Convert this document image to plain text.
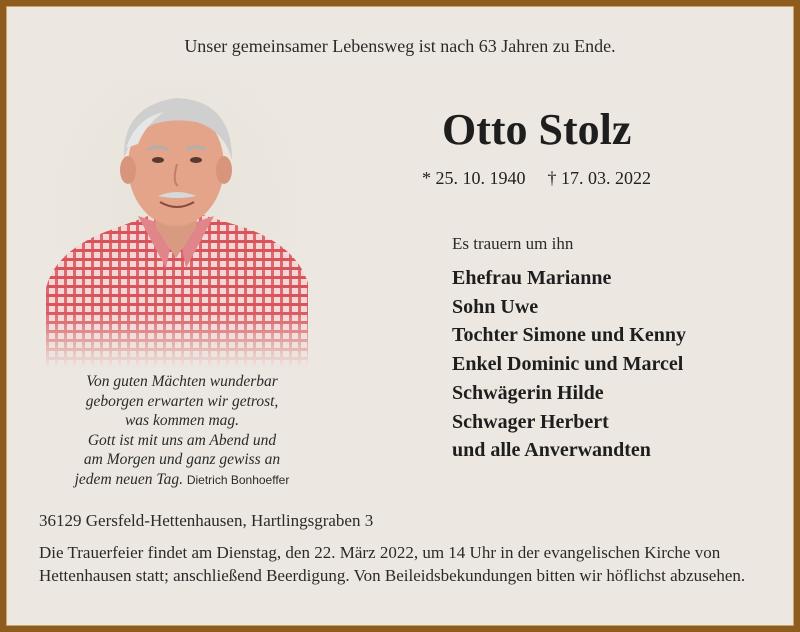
Unser gemeinsamer Lebensweg ist nach 63 Jahren zu Ende.
Otto Stolz
* 25. 10. 1940 † 17. 03. 2022
Es trauern um ihn
Ehefrau Marianne
Sohn Uwe
Tochter Simone und Kenny
Enkel Dominic und Marcel
Schwägerin Hilde
Schwager Herbert
und alle Anverwandten
Von guten Mächten wunderbar
geborgen erwarten wir getrost,
was kommen mag.
Gott ist mit uns am Abend und
am Morgen und ganz gewiss an
jedem neuen Tag. Dietrich Bonhoeffer
36129 Gersfeld-Hettenhausen, Hartlingsgraben 3
Die Trauerfeier findet am Dienstag, den 22. März 2022, um 14 Uhr in der evangelischen Kirche von Hettenhausen statt; anschließend Beerdigung. Von Beileidsbekundungen bitten wir höflichst abzusehen.
